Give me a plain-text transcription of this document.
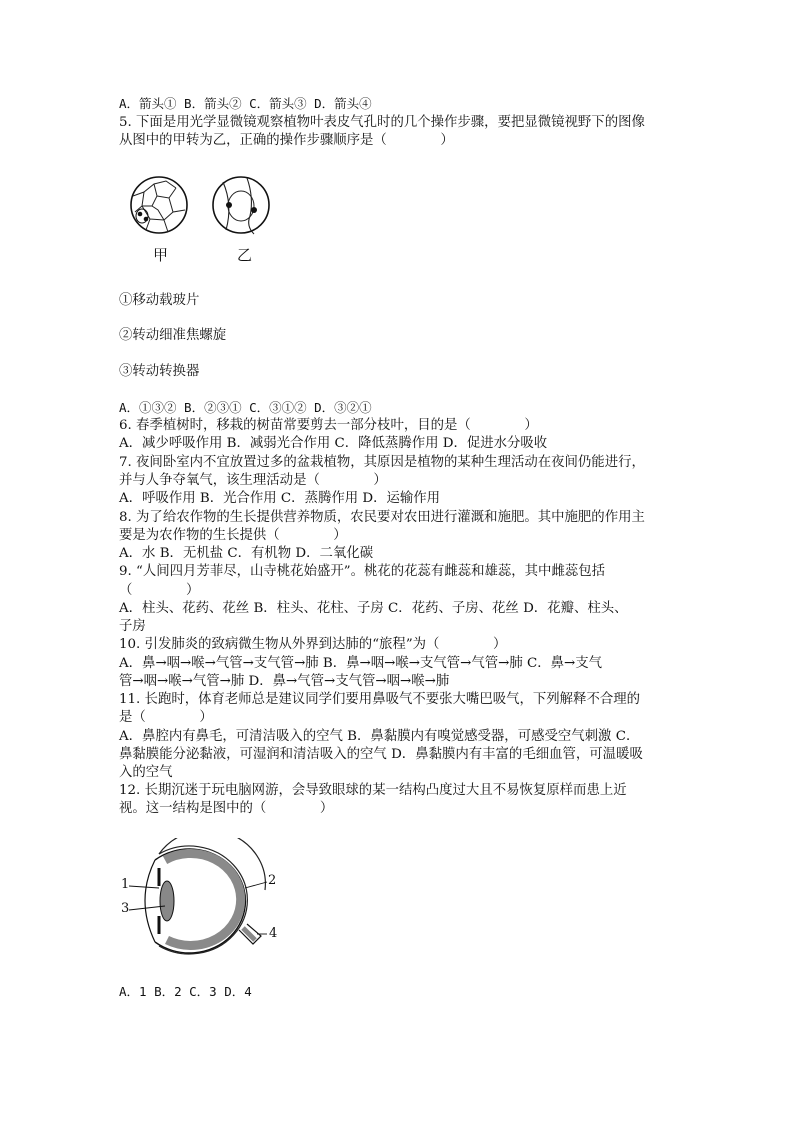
A．箭头① B．箭头② C．箭头③ D．箭头④
5. 下面是用光学显微镜观察植物叶表皮气孔时的几个操作步骤，要把显微镜视野下的图像
从图中的甲转为乙，正确的操作步骤顺序是（　　　　）
甲	乙
①移动载玻片
②转动细准焦螺旋
③转动转换器
A．①③② B．②③① C．③①② D．③②①
6. 春季植树时，移栽的树苗常要剪去一部分枝叶，目的是（　　　　）
A．减少呼吸作用 B．减弱光合作用 C．降低蒸腾作用 D．促进水分吸收
7. 夜间卧室内不宜放置过多的盆栽植物，其原因是植物的某种生理活动在夜间仍能进行，
并与人争夺氧气，该生理活动是（　　　　）
A．呼吸作用 B．光合作用 C．蒸腾作用 D．运输作用
8. 为了给农作物的生长提供营养物质，农民要对农田进行灌溉和施肥。其中施肥的作用主
要是为农作物的生长提供（　　　　）
A．水 B．无机盐 C．有机物 D．二氧化碳
9. “人间四月芳菲尽，山寺桃花始盛开”。桃花的花蕊有雌蕊和雄蕊，其中雌蕊包括
（　　　　）
A．柱头、花药、花丝 B．柱头、花柱、子房 C．花药、子房、花丝 D．花瓣、柱头、
子房
10. 引发肺炎的致病微生物从外界到达肺的“旅程”为（　　　　）
A．鼻→咽→喉→气管→支气管→肺 B．鼻→咽→喉→支气管→气管→肺 C．鼻→支气
管→咽→喉→气管→肺 D．鼻→气管→支气管→咽→喉→肺
11. 长跑时，体育老师总是建议同学们要用鼻吸气不要张大嘴巴吸气，下列解释不合理的
是（　　　　）
A．鼻腔内有鼻毛，可清洁吸入的空气 B．鼻黏膜内有嗅觉感受器，可感受空气刺激 C．
鼻黏膜能分泌黏液，可湿润和清洁吸入的空气 D．鼻黏膜内有丰富的毛细血管，可温暖吸
入的空气
12. 长期沉迷于玩电脑网游，会导致眼球的某一结构凸度过大且不易恢复原样而患上近
视。这一结构是图中的（　　　　）
1	2
3
4
A．1 B．2 C．3 D．4
